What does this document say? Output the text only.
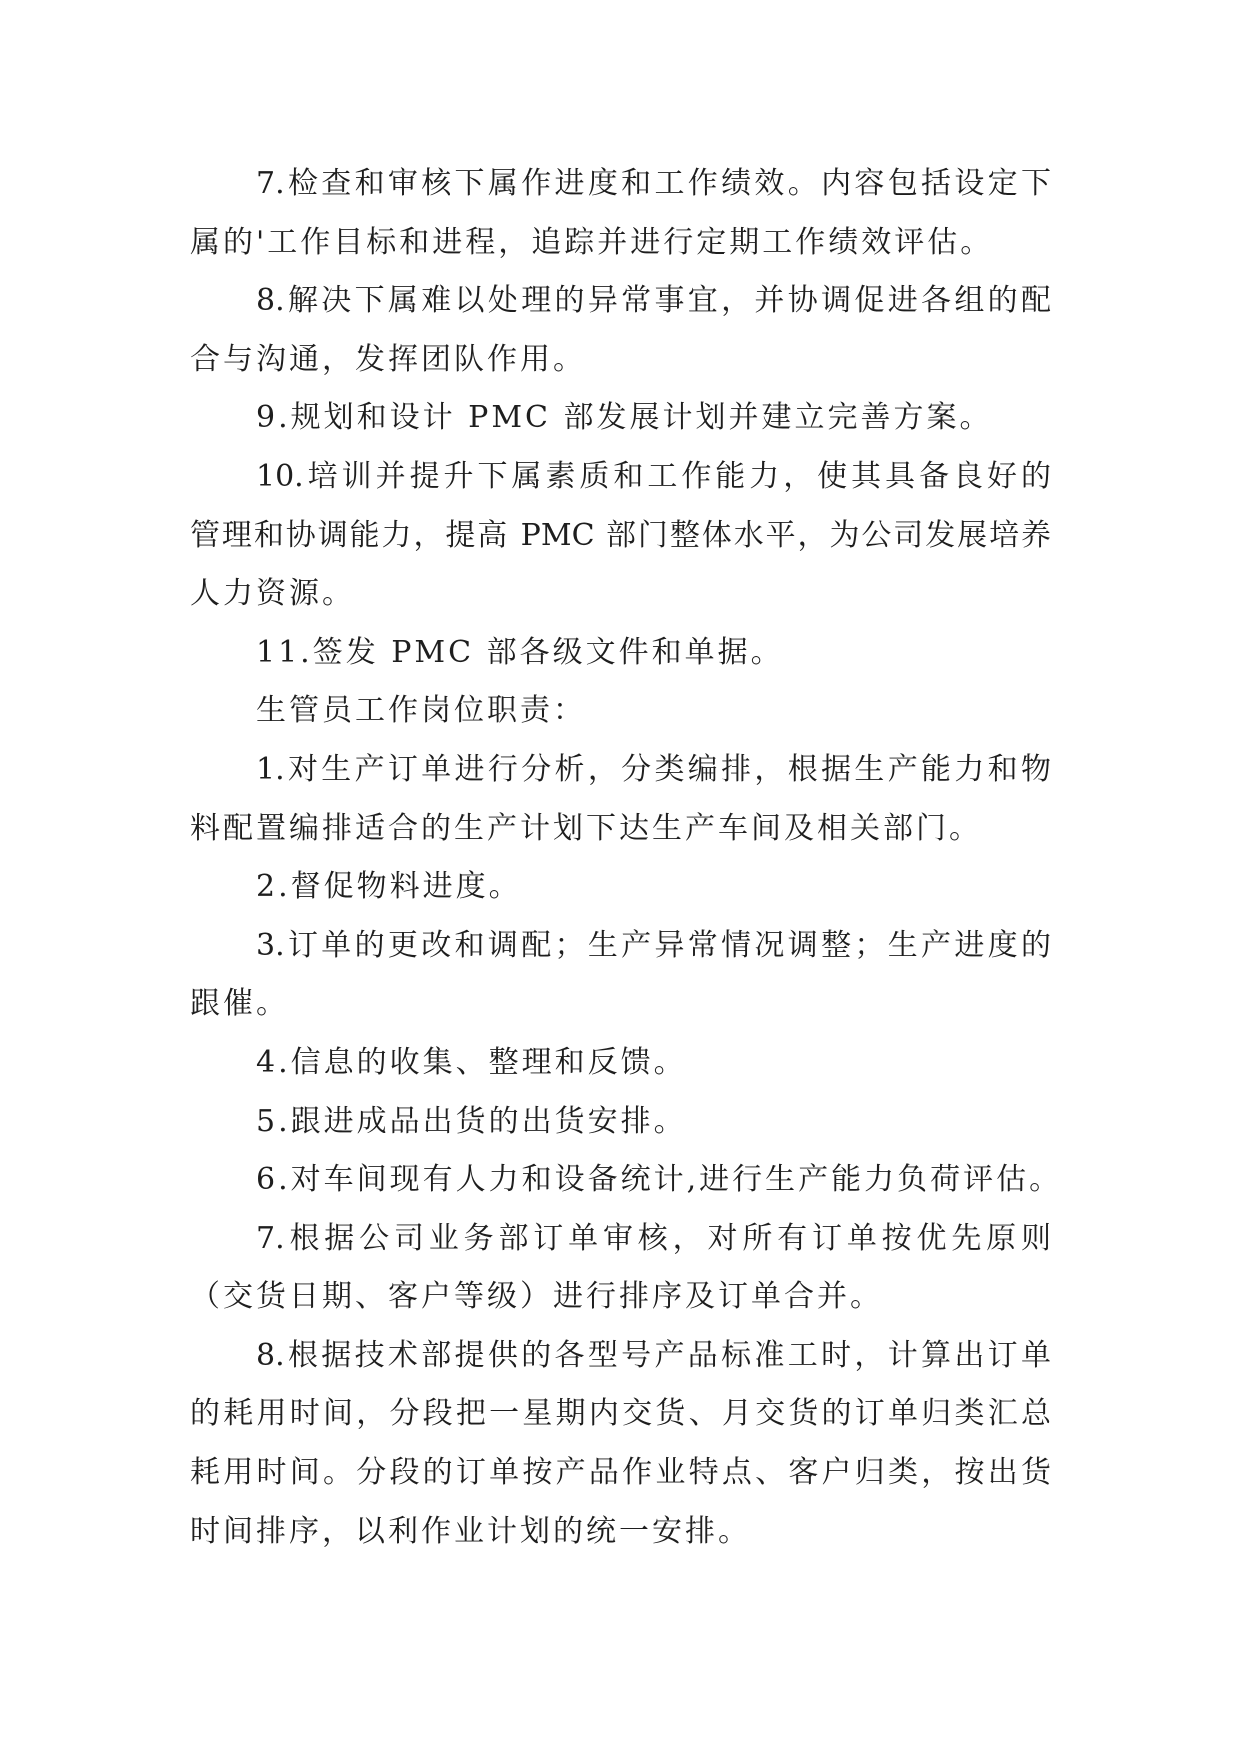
7.检查和审核下属作进度和工作绩效。内容包括设定下
属的'工作目标和进程，追踪并进行定期工作绩效评估。
8.解决下属难以处理的异常事宜，并协调促进各组的配
合与沟通，发挥团队作用。
9.规划和设计 PMC 部发展计划并建立完善方案。
10.培训并提升下属素质和工作能力，使其具备良好的
管理和协调能力，提高 PMC 部门整体水平，为公司发展培养
人力资源。
11.签发 PMC 部各级文件和单据。
生管员工作岗位职责：
1.对生产订单进行分析，分类编排，根据生产能力和物
料配置编排适合的生产计划下达生产车间及相关部门。
2.督促物料进度。
3.订单的更改和调配；生产异常情况调整；生产进度的
跟催。
4.信息的收集、整理和反馈。
5.跟进成品出货的出货安排。
6.对车间现有人力和设备统计,进行生产能力负荷评估。
7.根据公司业务部订单审核，对所有订单按优先原则
（交货日期、客户等级）进行排序及订单合并。
8.根据技术部提供的各型号产品标准工时，计算出订单
的耗用时间，分段把一星期内交货、月交货的订单归类汇总
耗用时间。分段的订单按产品作业特点、客户归类，按出货
时间排序，以利作业计划的统一安排。
